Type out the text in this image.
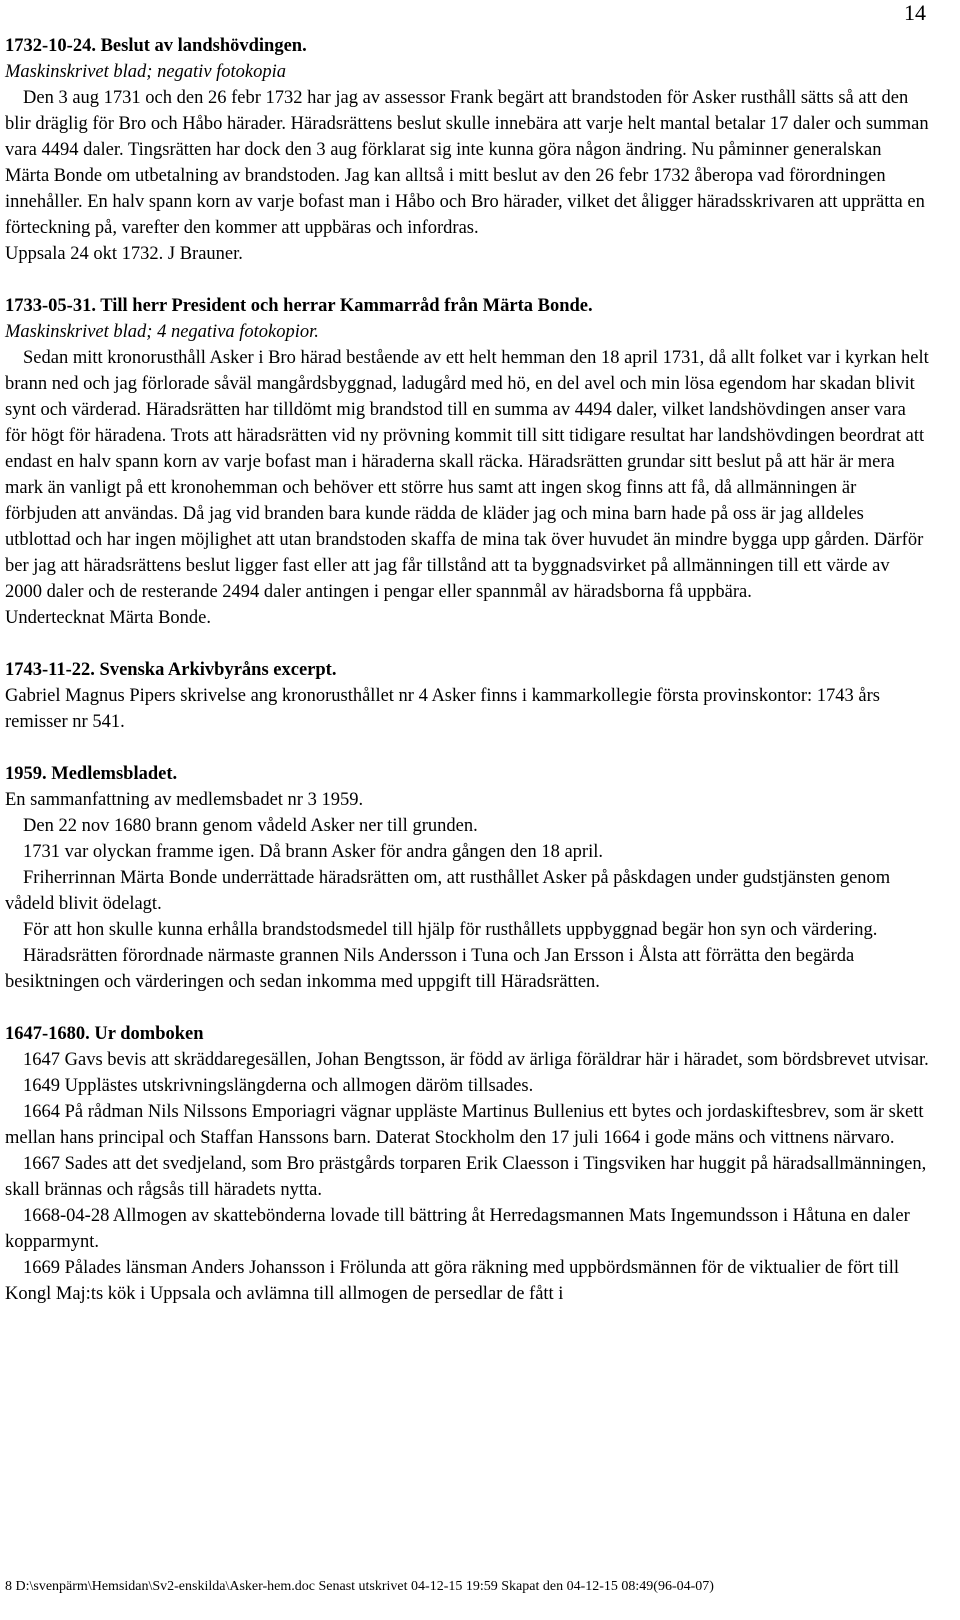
14

1732-10-24. Beslut av landshövdingen.

Maskinskrivet blad; negativ fotokopia

Den 3 aug 1731 och den 26 febr 1732 har jag av assessor Frank begärt att brandstoden för Asker rusthåll sätts så att den blir dräglig för Bro och Håbo härader. Häradsrättens beslut skulle innebära att varje helt mantal betalar 17 daler och summan vara 4494 daler. Tingsrätten har dock den 3 aug förklarat sig inte kunna göra någon ändring. Nu påminner generalskan Märta Bonde om utbetalning av brandstoden. Jag kan alltså i mitt beslut av den 26 febr 1732 åberopa vad förordningen innehåller. En halv spann korn av varje bofast man i Håbo och Bro härader, vilket det åligger häradsskrivaren att upprätta en förteckning på, varefter den kommer att uppbäras och infordras.

Uppsala 24 okt 1732. J Brauner.

1733-05-31. Till herr President och herrar Kammarråd från Märta Bonde.

Maskinskrivet blad; 4 negativa fotokopior.

Sedan mitt kronorusthåll Asker i Bro härad bestående av ett helt hemman den 18 april 1731, då allt folket var i kyrkan helt brann ned och jag förlorade såväl mangårdsbyggnad, ladugård med hö, en del avel och min lösa egendom har skadan blivit synt och värderad. Häradsrätten har tilldömt mig brandstod till en summa av 4494 daler, vilket landshövdingen anser vara för högt för häradena. Trots att häradsrätten vid ny prövning kommit till sitt tidigare resultat har landshövdingen beordrat att endast en halv spann korn av varje bofast man i häraderna skall räcka. Häradsrätten grundar sitt beslut på att här är mera mark än vanligt på ett kronohemman och behöver ett större hus samt att ingen skog finns att få, då allmänningen är förbjuden att användas. Då jag vid branden bara kunde rädda de kläder jag och mina barn hade på oss är jag alldeles utblottad och har ingen möjlighet att utan brandstoden skaffa de mina tak över huvudet än mindre bygga upp gården. Därför ber jag att häradsrättens beslut ligger fast eller att jag får tillstånd att ta byggnadsvirket på allmänningen till ett värde av 2000 daler och de resterande 2494 daler antingen i pengar eller spannmål av häradsborna få uppbära.

Undertecknat Märta Bonde.

1743-11-22. Svenska Arkivbyråns excerpt.

Gabriel Magnus Pipers skrivelse ang kronorusthållet nr 4 Asker finns i kammarkollegie första provinskontor: 1743 års remisser nr 541.

1959. Medlemsbladet.

En sammanfattning av medlemsbadet nr 3 1959.

Den 22 nov 1680 brann genom vådeld Asker ner till grunden.

1731 var olyckan framme igen. Då brann Asker för andra gången den 18 april.

Friherrinnan Märta Bonde underrättade häradsrätten om, att rusthållet Asker på påskdagen under gudstjänsten genom vådeld blivit ödelagt.

För att hon skulle kunna erhålla brandstodsmedel till hjälp för rusthållets uppbyggnad begär hon syn och värdering.

Häradsrätten förordnade närmaste grannen Nils Andersson i Tuna och Jan Ersson i Ålsta att förrätta den begärda besiktningen och värderingen och sedan inkomma med uppgift till Häradsrätten.

1647-1680. Ur domboken

1647 Gavs bevis att skräddaregesällen, Johan Bengtsson, är född av ärliga föräldrar här i häradet, som bördsbrevet utvisar.

1649 Upplästes utskrivningslängderna och allmogen däröm tillsades.

1664 På rådman Nils Nilssons Emporiagri vägnar uppläste Martinus Bullenius ett bytes och jordaskiftesbrev, som är skett mellan hans principal och Staffan Hanssons barn. Daterat Stockholm den 17 juli 1664 i gode mäns och vittnens närvaro.

1667 Sades att det svedjeland, som Bro prästgårds torparen Erik Claesson i Tingsviken har huggit på häradsallmänningen, skall brännas och rågsås till häradets nytta.

1668-04-28 Allmogen av skattebönderna lovade till bättring åt Herredagsmannen Mats Ingemundsson i Håtuna en daler kopparmynt.

1669 Pålades länsman Anders Johansson i Frölunda att göra räkning med uppbördsmännen för de viktualier de fört till Kongl Maj:ts kök i Uppsala och avlämna till allmogen de persedlar de fått i

8 D:\svenpärm\Hemsidan\Sv2-enskilda\Asker-hem.doc Senast utskrivet 04-12-15 19:59 Skapat den 04-12-15 08:49(96-04-07)
